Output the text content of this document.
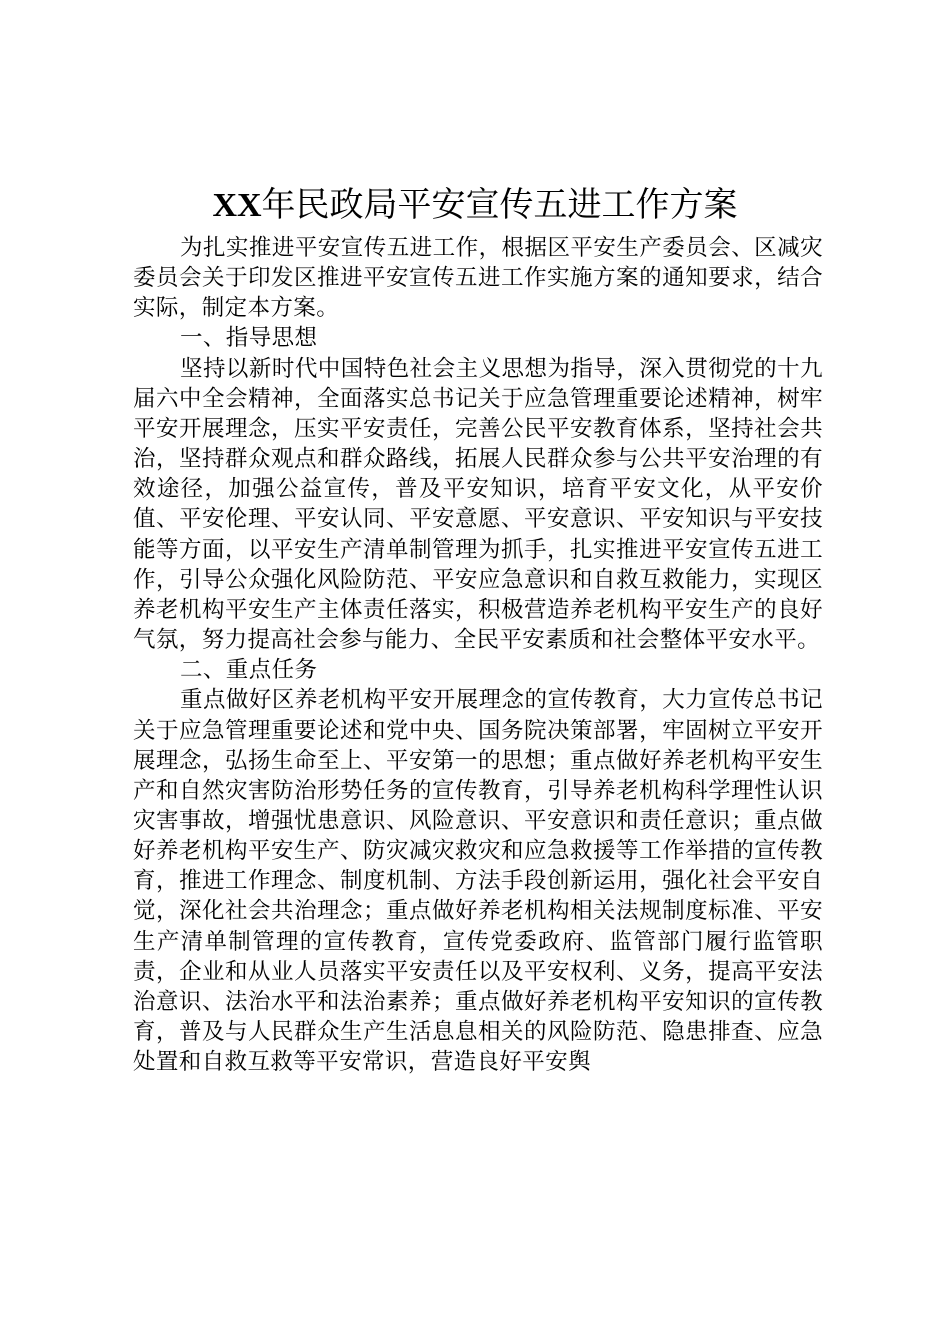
XX年民政局平安宣传五进工作方案

为扎实推进平安宣传五进工作，根据区平安生产委员会、区减灾委员会关于印发区推进平安宣传五进工作实施方案的通知要求，结合实际，制定本方案。

一、指导思想

坚持以新时代中国特色社会主义思想为指导，深入贯彻党的十九届六中全会精神，全面落实总书记关于应急管理重要论述精神，树牢平安开展理念，压实平安责任，完善公民平安教育体系，坚持社会共治，坚持群众观点和群众路线，拓展人民群众参与公共平安治理的有效途径，加强公益宣传，普及平安知识，培育平安文化，从平安价值、平安伦理、平安认同、平安意愿、平安意识、平安知识与平安技能等方面，以平安生产清单制管理为抓手，扎实推进平安宣传五进工作，引导公众强化风险防范、平安应急意识和自救互救能力，实现区养老机构平安生产主体责任落实，积极营造养老机构平安生产的良好气氛，努力提高社会参与能力、全民平安素质和社会整体平安水平。

二、重点任务

重点做好区养老机构平安开展理念的宣传教育，大力宣传总书记关于应急管理重要论述和党中央、国务院决策部署，牢固树立平安开展理念，弘扬生命至上、平安第一的思想；重点做好养老机构平安生产和自然灾害防治形势任务的宣传教育，引导养老机构科学理性认识灾害事故，增强忧患意识、风险意识、平安意识和责任意识；重点做好养老机构平安生产、防灾减灾救灾和应急救援等工作举措的宣传教育，推进工作理念、制度机制、方法手段创新运用，强化社会平安自觉，深化社会共治理念；重点做好养老机构相关法规制度标准、平安生产清单制管理的宣传教育，宣传党委政府、监管部门履行监管职责，企业和从业人员落实平安责任以及平安权利、义务，提高平安法治意识、法治水平和法治素养；重点做好养老机构平安知识的宣传教育，普及与人民群众生产生活息息相关的风险防范、隐患排查、应急处置和自救互救等平安常识，营造良好平安舆
